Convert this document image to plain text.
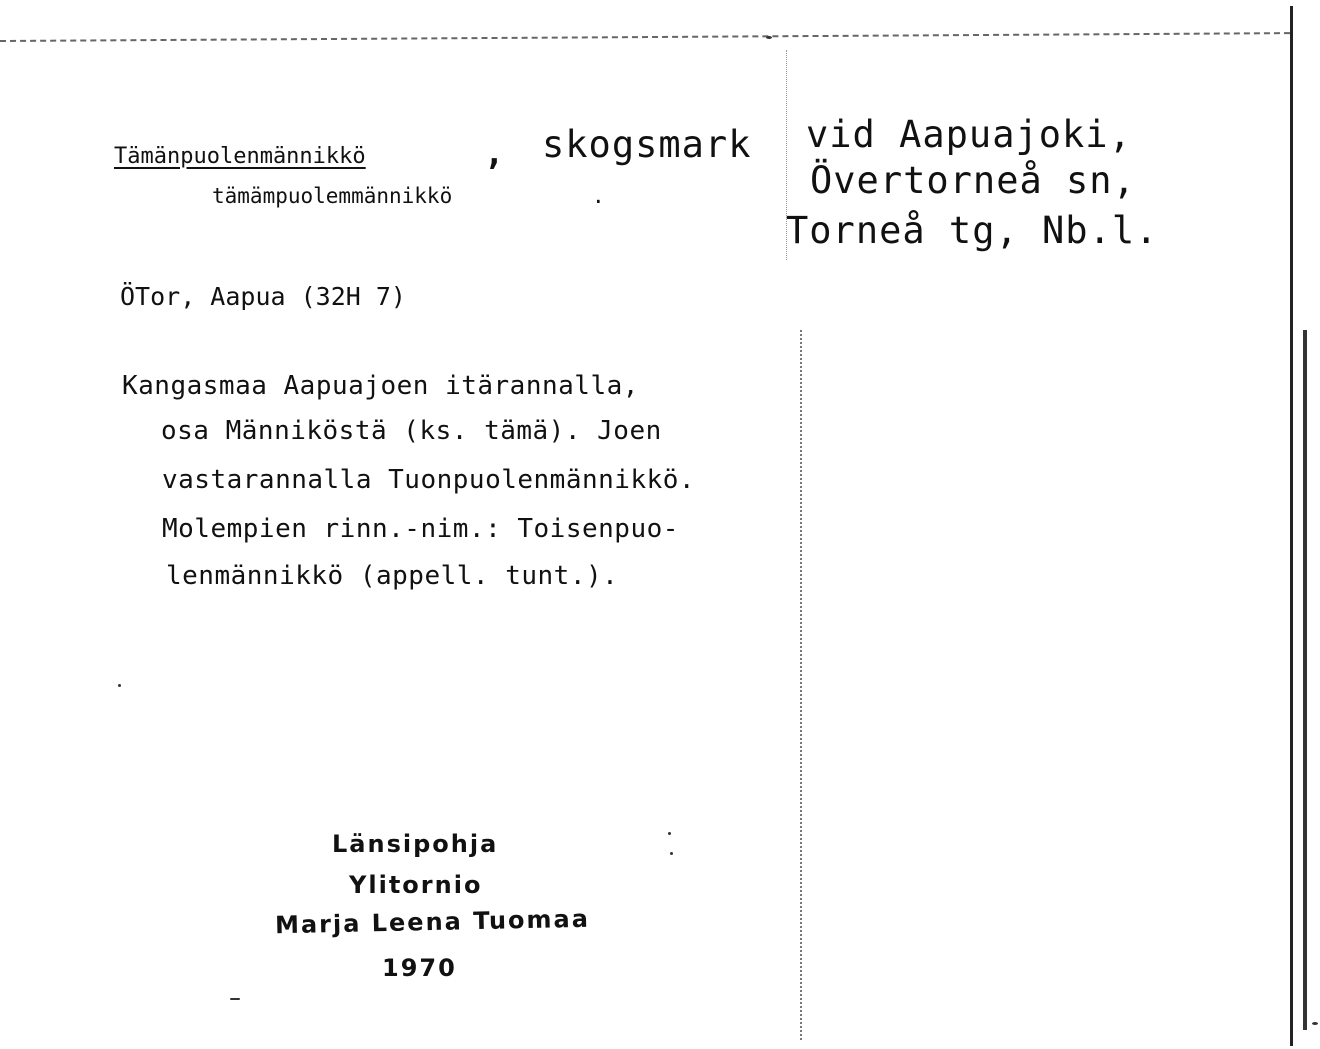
Tämänpuolenmännikkö	, skogsmark vid Aapuajoki,
Övertorneå sn,
Torneå tg, Nb.l.
tämämpuolemmännikkö	.
ÖTor, Aapua (32H 7)
Kangasmaa Aapuajoen itärannalla,
osa Männiköstä (ks. tämä). Joen
vastarannalla Tuonpuolenmännikkö.
Molempien rinn.-nim.: Toisenpuo-
lenmännikkö (appell. tunt.).
Länsipohja
Ylitornio
Marja Leena Tuomaa
1970
